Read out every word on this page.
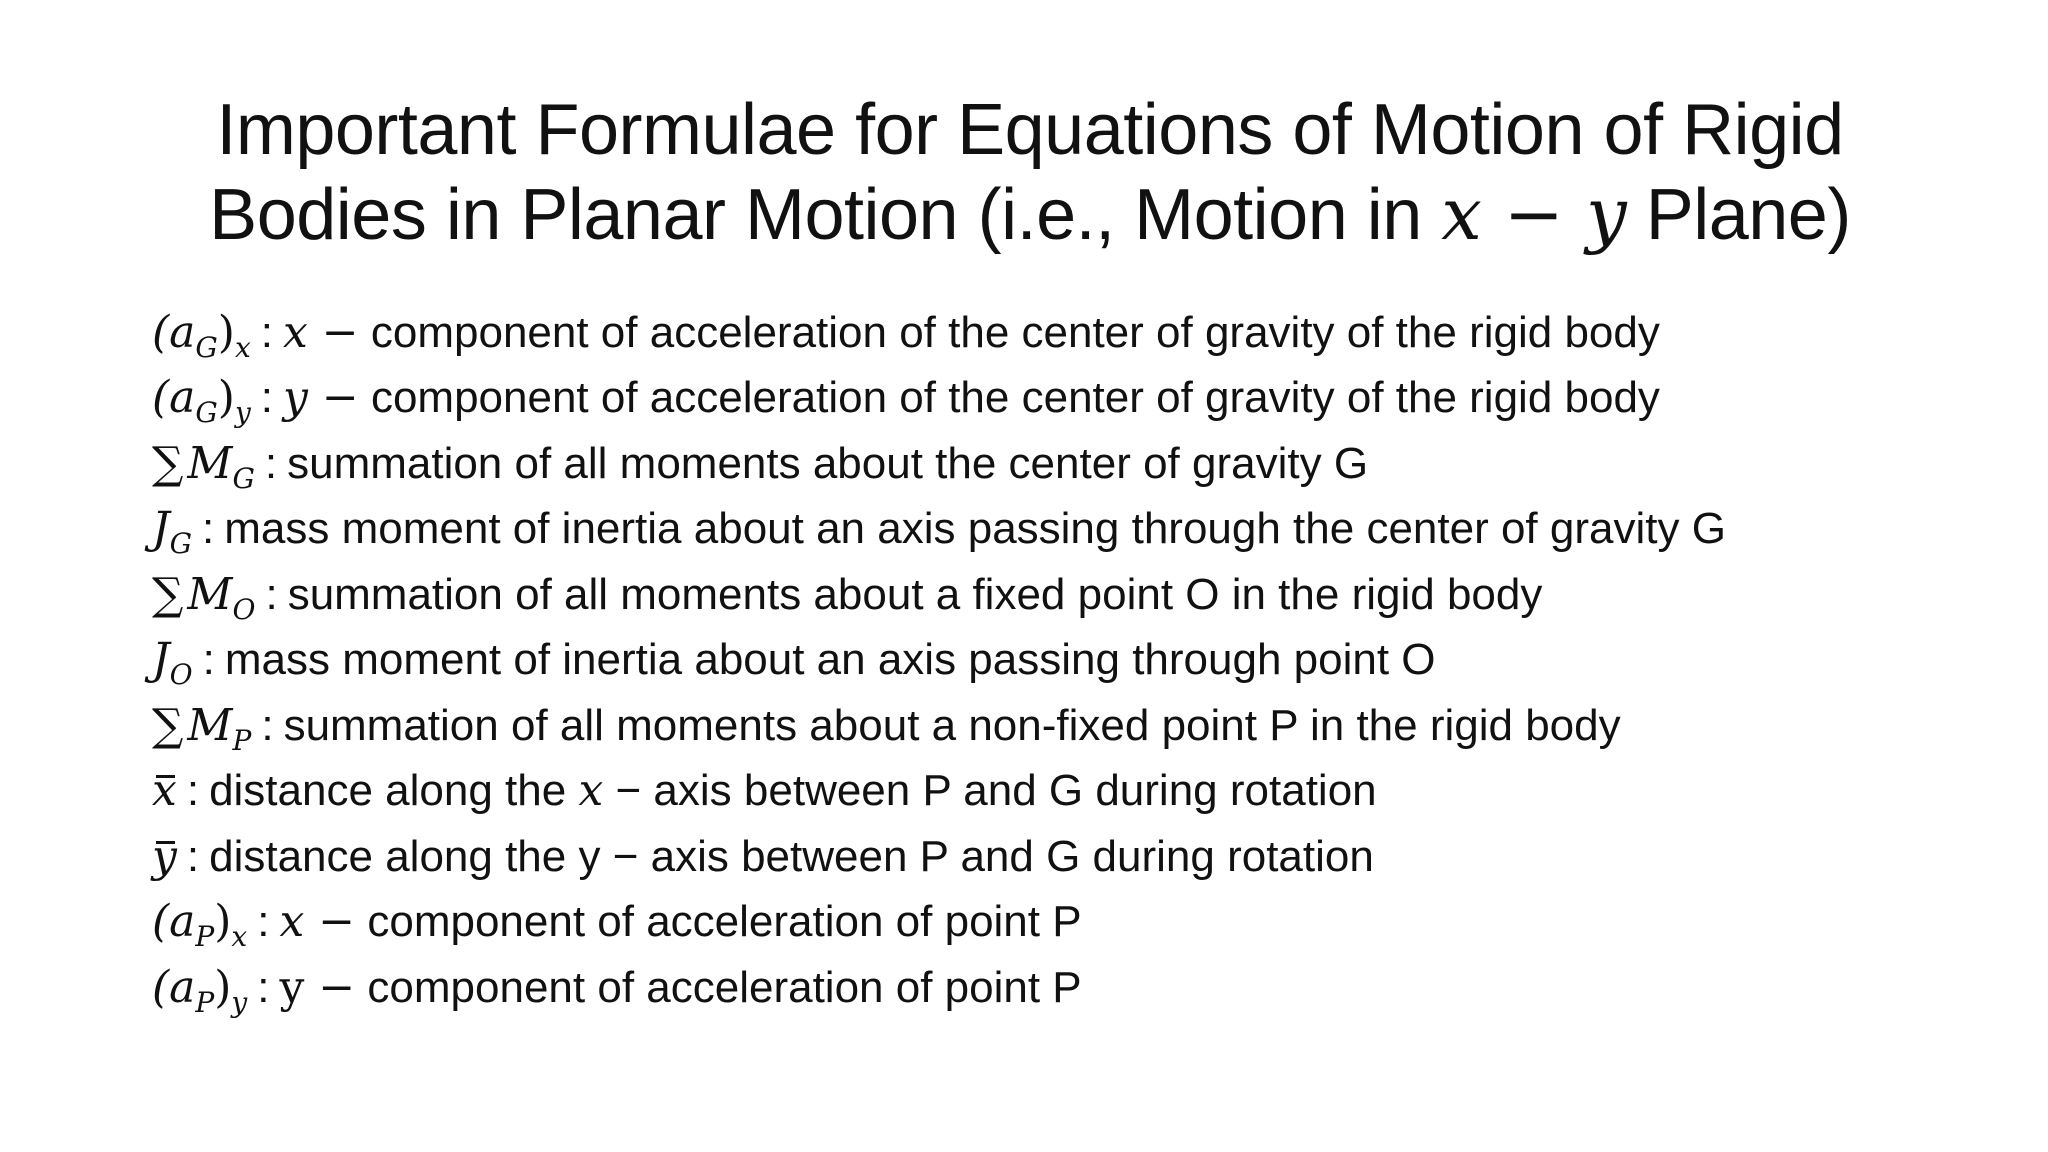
Important Formulae for Equations of Motion of Rigid
Bodies in Planar Motion (i.e., Motion in x − y Plane)
$(a_G)_x$ : x − component of acceleration of the center of gravity of the rigid body
$(a_G)_y$ : y − component of acceleration of the center of gravity of the rigid body
$\sum M_G$ : summation of all moments about the center of gravity G
$J_G$ : mass moment of inertia about an axis passing through the center of gravity G
$\sum M_O$ : summation of all moments about a fixed point O in the rigid body
$J_O$ : mass moment of inertia about an axis passing through point O
$\sum M_P$ : summation of all moments about a non-fixed point P in the rigid body
x : distance along the x − axis between P and G during rotation
y : distance along the y − axis between P and G during rotation
$(a_P)_x$ : x − component of acceleration of point P
$(a_P)_y$ : y − component of acceleration of point P
